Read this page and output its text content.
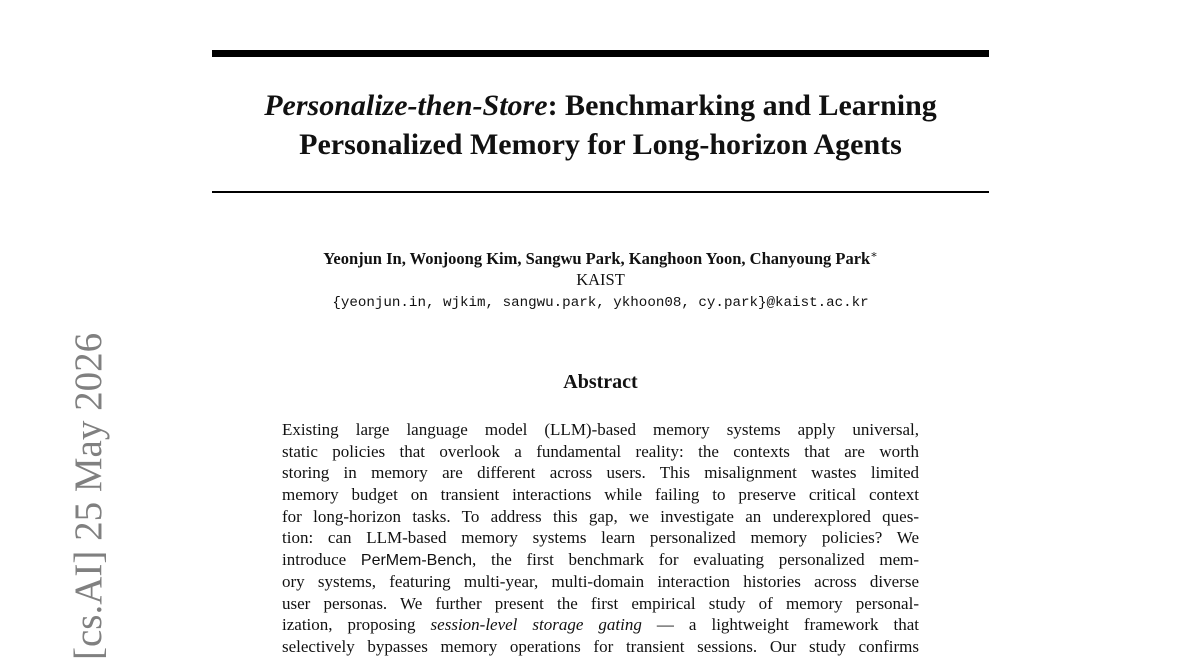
Personalize-then-Store: Benchmarking and Learning
Personalized Memory for Long-horizon Agents

Yeonjun In, Wonjoong Kim, Sangwu Park, Kanghoon Yoon, Chanyoung Park∗

KAIST

{yeonjun.in, wjkim, sangwu.park, ykhoon08, cy.park}@kaist.ac.kr

Abstract
Existing large language model (LLM)-based memory systems apply universal,
static policies that overlook a fundamental reality: the contexts that are worth
storing in memory are different across users. This misalignment wastes limited
memory budget on transient interactions while failing to preserve critical context
for long-horizon tasks. To address this gap, we investigate an underexplored ques-
tion: can LLM-based memory systems learn personalized memory policies? We
introduce PerMem-Bench, the first benchmark for evaluating personalized mem-
ory systems, featuring multi-year, multi-domain interaction histories across diverse
user personas. We further present the first empirical study of memory personal-
ization, proposing session-level storage gating — a lightweight framework that
selectively bypasses memory operations for transient sessions. Our study confirms
[cs.AI] 25 May 2026
